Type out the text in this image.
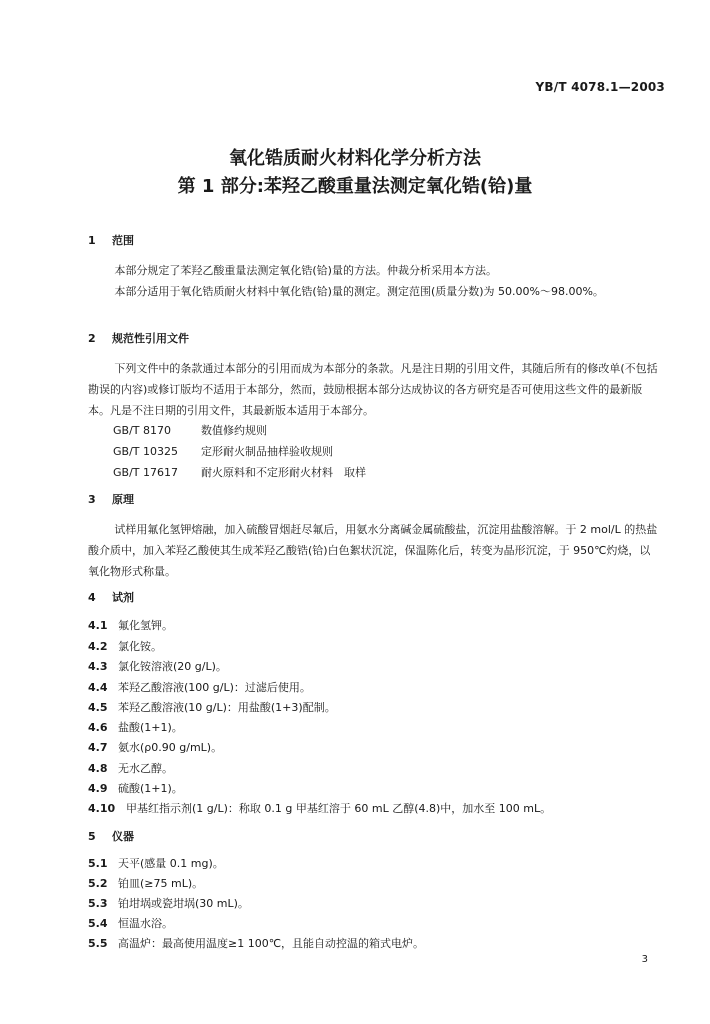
YB/T 4078.1—2003
氧化锆质耐火材料化学分析方法
第 1 部分:苯羟乙酸重量法测定氧化锆(铪)量
1 范围
本部分规定了苯羟乙酸重量法测定氧化锆(铪)量的方法。仲裁分析采用本方法。
本部分适用于氧化锆质耐火材料中氧化锆(铪)量的测定。测定范围(质量分数)为 50.00%～98.00%。
2 规范性引用文件
下列文件中的条款通过本部分的引用而成为本部分的条款。凡是注日期的引用文件，其随后所有的修改单(不包括勘误的内容)或修订版均不适用于本部分，然而，鼓励根据本部分达成协议的各方研究是否可使用这些文件的最新版本。凡是不注日期的引用文件，其最新版本适用于本部分。
GB/T 8170	数值修约规则
GB/T 10325 定形耐火制品抽样验收规则
GB/T 17617 耐火原料和不定形耐火材料　取样
3 原理
试样用氟化氢钾熔融，加入硫酸冒烟赶尽氟后，用氨水分离碱金属硫酸盐，沉淀用盐酸溶解。于 2 mol/L 的热盐酸介质中，加入苯羟乙酸使其生成苯羟乙酸锆(铪)白色絮状沉淀，保温陈化后，转变为晶形沉淀，于 950℃灼烧，以氧化物形式称量。
4 试剂
4.1 氟化氢钾。
4.2 氯化铵。
4.3 氯化铵溶液(20 g/L)。
4.4 苯羟乙酸溶液(100 g/L)：过滤后使用。
4.5 苯羟乙酸溶液(10 g/L)：用盐酸(1+3)配制。
4.6 盐酸(1+1)。
4.7 氨水(ρ0.90 g/mL)。
4.8 无水乙醇。
4.9 硫酸(1+1)。
4.10 甲基红指示剂(1 g/L)：称取 0.1 g 甲基红溶于 60 mL 乙醇(4.8)中，加水至 100 mL。
5 仪器
5.1 天平(感量 0.1 mg)。
5.2 铂皿(≥75 mL)。
5.3 铂坩埚或瓷坩埚(30 mL)。
5.4 恒温水浴。
5.5 高温炉：最高使用温度≥1 100℃，且能自动控温的箱式电炉。
3
